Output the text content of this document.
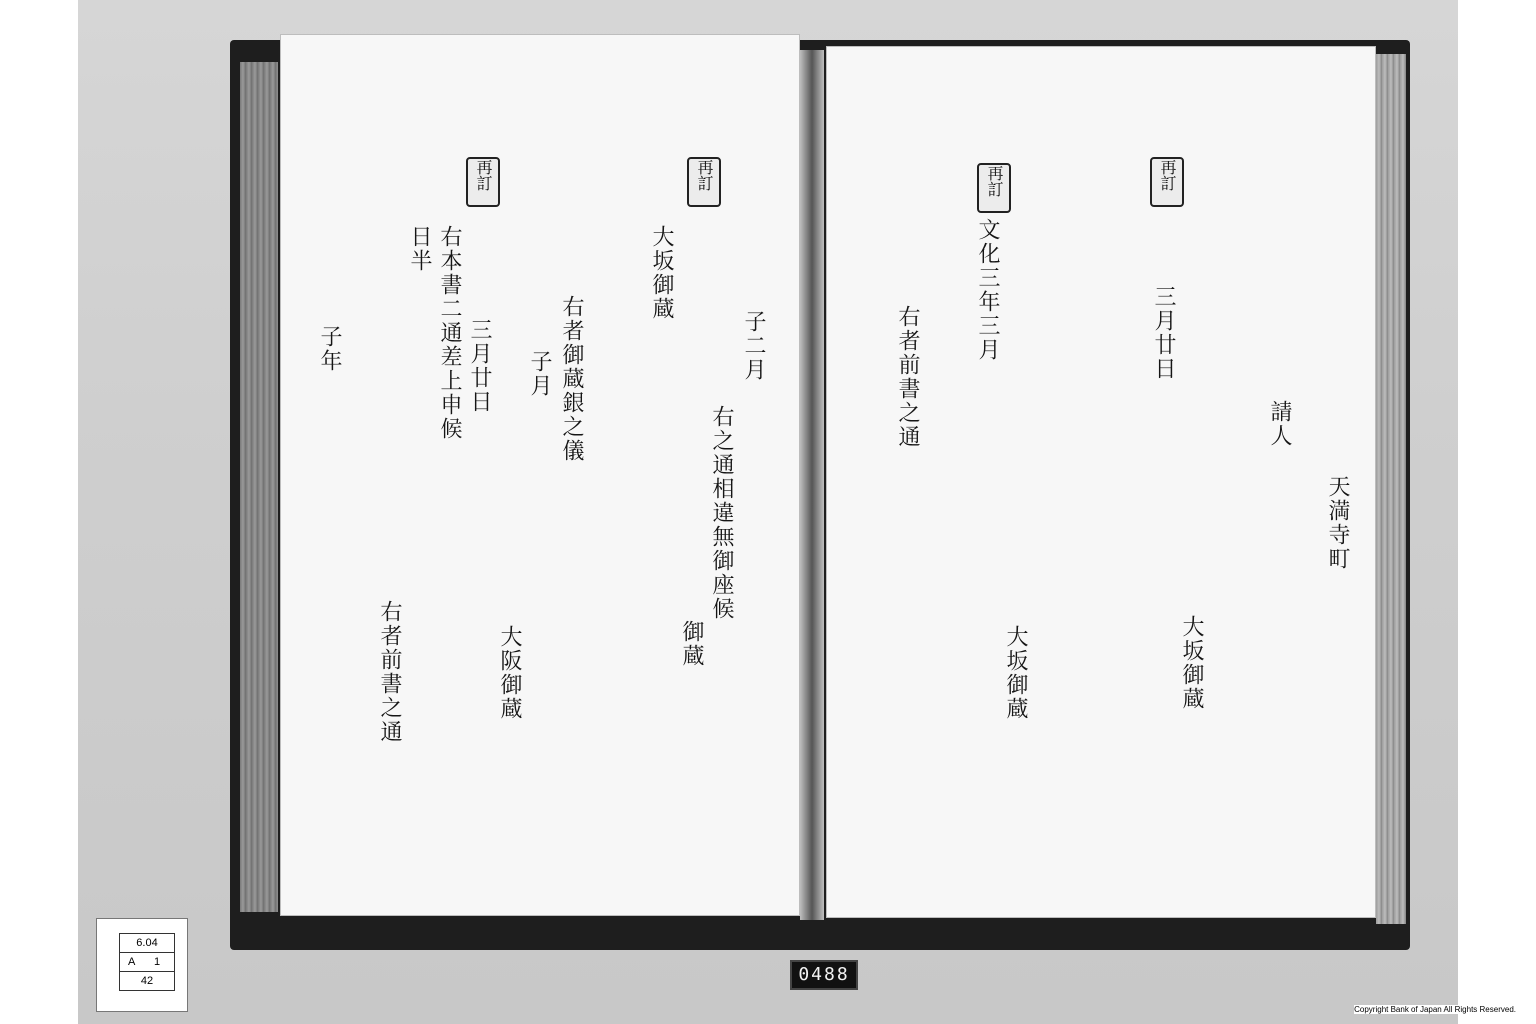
再訂	再訂
子二月
右之通相違無御座候
御蔵
大坂御蔵
右者御蔵銀之儀
子月
大阪御蔵
三月廿日
右本書二通差上申候
日半
右者前書之通
子年
再訂	再訂
天満寺町
請人
大坂御蔵
三月廿日
大坂御蔵
文化三年三月
右者前書之通
6.04
A 1
42	0488
Copyright Bank of Japan All Rights Reserved.
